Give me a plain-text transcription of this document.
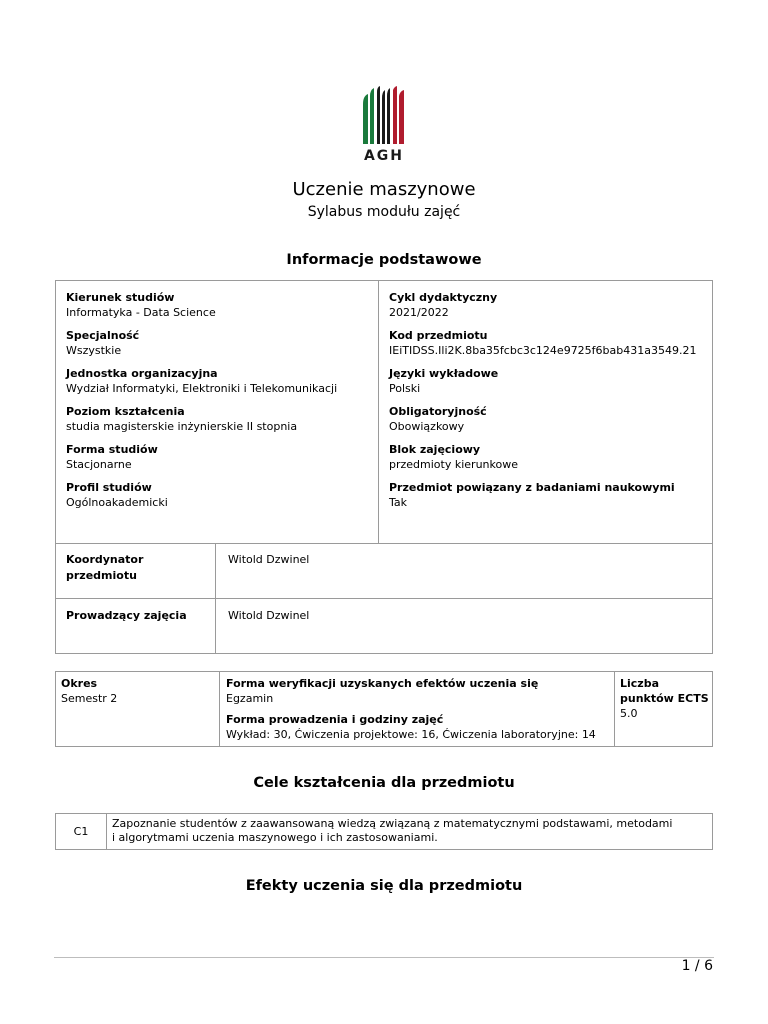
AGH
Uczenie maszynowe
Sylabus modułu zajęć
Informacje podstawowe
Kierunek studiów
Informatyka - Data Science
Specjalność
Wszystkie
Jednostka organizacyjna
Wydział Informatyki, Elektroniki i Telekomunikacji
Poziom kształcenia
studia magisterskie inżynierskie II stopnia
Forma studiów
Stacjonarne
Profil studiów
Ogólnoakademicki
Cykl dydaktyczny
2021/2022
Kod przedmiotu
IEiTIDSS.Ili2K.8ba35fcbc3c124e9725f6bab431a3549.21
Języki wykładowe
Polski
Obligatoryjność
Obowiązkowy
Blok zajęciowy
przedmioty kierunkowe
Przedmiot powiązany z badaniami naukowymi
Tak
Koordynator
przedmiotu
Witold Dzwinel
Prowadzący zajęcia	Witold Dzwinel
Okres
Semestr 2
Forma weryfikacji uzyskanych efektów uczenia się
Egzamin
Forma prowadzenia i godziny zajęć
Wykład: 30, Ćwiczenia projektowe: 16, Ćwiczenia laboratoryjne: 14
Liczba
punktów ECTS
5.0
Cele kształcenia dla przedmiotu
C1
Zapoznanie studentów z zaawansowaną wiedzą związaną z matematycznymi podstawami, metodami
i algorytmami uczenia maszynowego i ich zastosowaniami.
Efekty uczenia się dla przedmiotu
1 / 6
